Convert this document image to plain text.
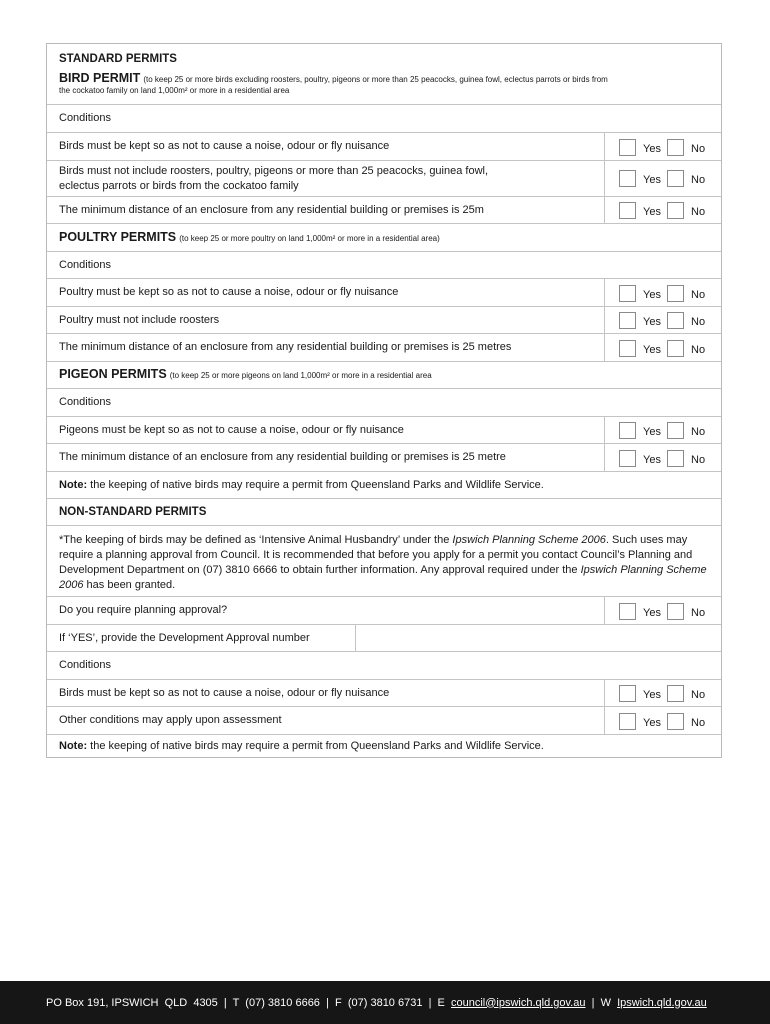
STANDARD PERMITS
BIRD PERMIT (to keep 25 or more birds excluding roosters, poultry, pigeons or more than 25 peacocks, guinea fowl, eclectus parrots or birds from
the cockatoo family on land 1,000m² or more in a residential area
Conditions
Birds must be kept so as not to cause a noise, odour or fly nuisance	Yes	No
Birds must not include roosters, poultry, pigeons or more than 25 peacocks, guinea fowl,
eclectus parrots or birds from the cockatoo family	Yes	No
The minimum distance of an enclosure from any residential building or premises is 25m	Yes	No
POULTRY PERMITS (to keep 25 or more poultry on land 1,000m² or more in a residential area)
Conditions
Poultry must be kept so as not to cause a noise, odour or fly nuisance	Yes	No
Poultry must not include roosters	Yes	No
The minimum distance of an enclosure from any residential building or premises is 25 metres	Yes	No
PIGEON PERMITS (to keep 25 or more pigeons on land 1,000m² or more in a residential area
Conditions
Pigeons must be kept so as not to cause a noise, odour or fly nuisance	Yes	No
The minimum distance of an enclosure from any residential building or premises is 25 metre	Yes	No
Note: the keeping of native birds may require a permit from Queensland Parks and Wildlife Service.
NON-STANDARD PERMITS
*The keeping of birds may be defined as ‘Intensive Animal Husbandry’ under the Ipswich Planning Scheme 2006. Such uses may require a planning approval from Council. It is recommended that before you apply for a permit you contact Council’s Planning and Development Department on (07) 3810 6666 to obtain further information. Any approval required under the Ipswich Planning Scheme 2006 has been granted.
Do you require planning approval?	Yes	No
If ‘YES’, provide the Development Approval number
Conditions
Birds must be kept so as not to cause a noise, odour or fly nuisance	Yes	No
Other conditions may apply upon assessment	Yes	No
Note: the keeping of native birds may require a permit from Queensland Parks and Wildlife Service.
PO Box 191, IPSWICH  QLD  4305  |  T  (07) 3810 6666  |  F  (07) 3810 6731  |  E  council@ipswich.qld.gov.au  |  W  Ipswich.qld.gov.au
